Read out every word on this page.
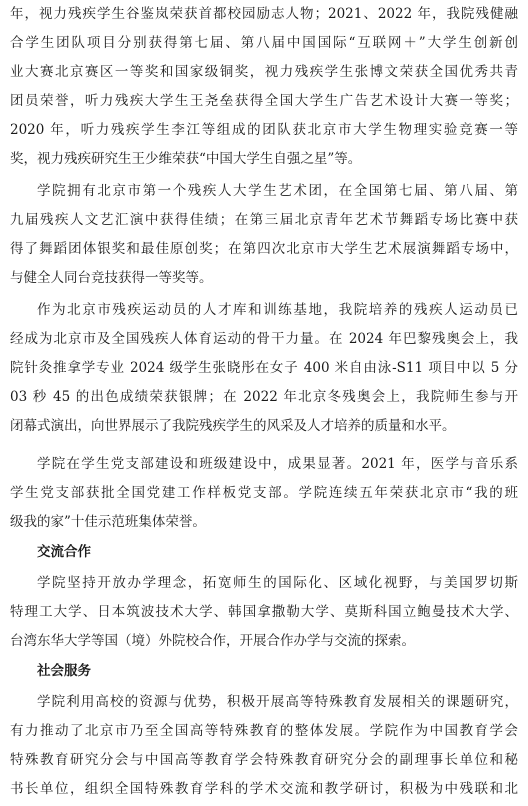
年，视力残疾学生谷鉴岚荣获首都校园励志人物；2021、2022 年，我院残健融
合学生团队项目分别获得第七届、第八届中国国际“互联网＋”大学生创新创
业大赛北京赛区一等奖和国家级铜奖，视力残疾学生张博文荣获全国优秀共青
团员荣誉，听力残疾大学生王尧垒获得全国大学生广告艺术设计大赛一等奖；
2020 年，听力残疾学生李江等组成的团队获北京市大学生物理实验竞赛一等
奖，视力残疾研究生王少维荣获“中国大学生自强之星”等。
学院拥有北京市第一个残疾人大学生艺术团，在全国第七届、第八届、第
九届残疾人文艺汇演中获得佳绩；在第三届北京青年艺术节舞蹈专场比赛中获
得了舞蹈团体银奖和最佳原创奖；在第四次北京市大学生艺术展演舞蹈专场中，
与健全人同台竞技获得一等奖等。
作为北京市残疾运动员的人才库和训练基地，我院培养的残疾人运动员已
经成为北京市及全国残疾人体育运动的骨干力量。在 2024 年巴黎残奥会上，我
院针灸推拿学专业 2024 级学生张晓彤在女子 400 米自由泳-S11 项目中以 5 分
03 秒 45 的出色成绩荣获银牌；在 2022 年北京冬残奥会上，我院师生参与开
闭幕式演出，向世界展示了我院残疾学生的风采及人才培养的质量和水平。
学院在学生党支部建设和班级建设中，成果显著。2021 年，医学与音乐系
学生党支部获批全国党建工作样板党支部。学院连续五年荣获北京市“我的班
级我的家”十佳示范班集体荣誉。
交流合作
学院坚持开放办学理念，拓宽师生的国际化、区域化视野，与美国罗切斯
特理工大学、日本筑波技术大学、韩国拿撒勒大学、莫斯科国立鲍曼技术大学、
台湾东华大学等国（境）外院校合作，开展合作办学与交流的探索。
社会服务
学院利用高校的资源与优势，积极开展高等特殊教育发展相关的课题研究，
有力推动了北京市乃至全国高等特殊教育的整体发展。学院作为中国教育学会
特殊教育研究分会与中国高等教育学会特殊教育研究分会的副理事长单位和秘
书长单位，组织全国特殊教育学科的学术交流和教学研讨，积极为中残联和北
